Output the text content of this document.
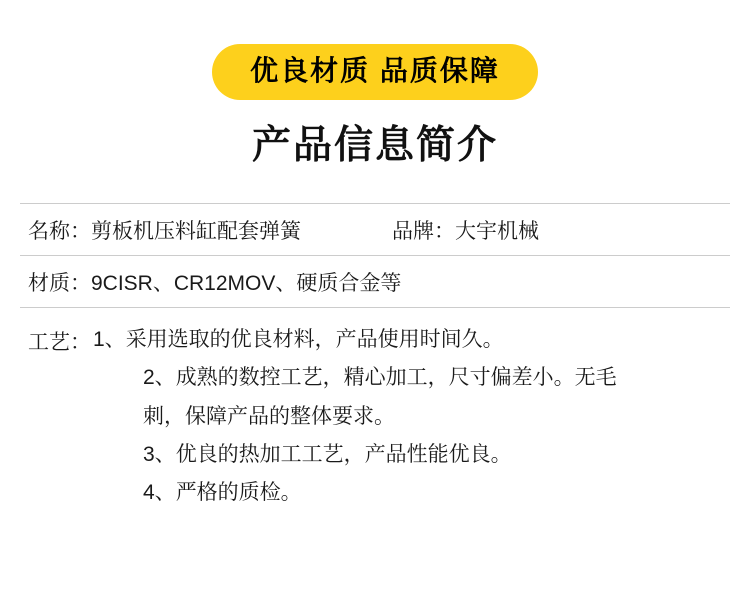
优良材质 品质保障
产品信息简介
名称： 剪板机压料缸配套弹簧	品牌： 大宇机械
材质： 9CISR、CR12MOV、硬质合金等
工艺： 1、 采用选取的优良材料，产品使用时间久。
2、 成熟的数控工艺，精心加工，尺寸偏差小。无毛
刺，保障产品的整体要求。
3、 优良的热加工工艺，产品性能优良。
4、 严格的质检。
